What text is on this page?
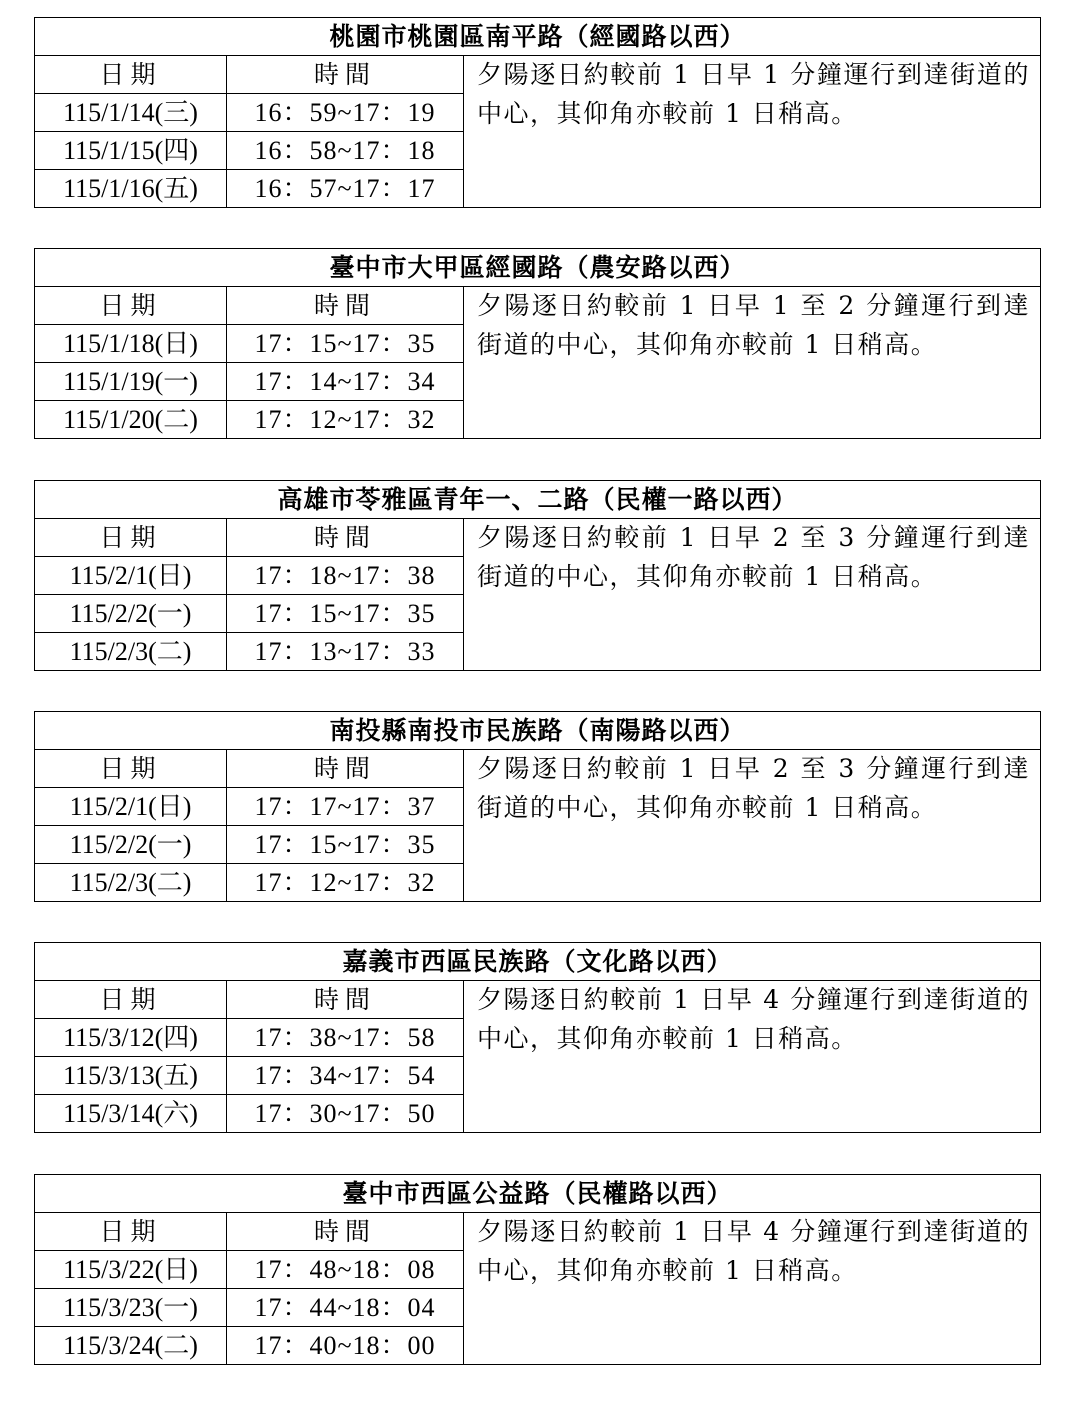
桃園市桃園區南平路（經國路以西）		
日期	時間	夕陽逐日約較前 1 日早 1 分鐘運行到達街道的中心，其仰角亦較前 1 日稍高。
115/1/14(三)	16：59~17：19	
115/1/15(四)	16：58~17：18	
115/1/16(五)	16：57~17：17	
臺中市大甲區經國路（農安路以西）		
日期	時間	夕陽逐日約較前 1 日早 1 至 2 分鐘運行到達街道的中心，其仰角亦較前 1 日稍高。
115/1/18(日)	17：15~17：35	
115/1/19(一)	17：14~17：34	
115/1/20(二)	17：12~17：32	
高雄市苓雅區青年一、二路（民權一路以西）		
日期	時間	夕陽逐日約較前 1 日早 2 至 3 分鐘運行到達街道的中心，其仰角亦較前 1 日稍高。
115/2/1(日)	17：18~17：38	
115/2/2(一)	17：15~17：35	
115/2/3(二)	17：13~17：33	
南投縣南投市民族路（南陽路以西）		
日期	時間	夕陽逐日約較前 1 日早 2 至 3 分鐘運行到達街道的中心，其仰角亦較前 1 日稍高。
115/2/1(日)	17：17~17：37	
115/2/2(一)	17：15~17：35	
115/2/3(二)	17：12~17：32	
嘉義市西區民族路（文化路以西）		
日期	時間	夕陽逐日約較前 1 日早 4 分鐘運行到達街道的中心，其仰角亦較前 1 日稍高。
115/3/12(四)	17：38~17：58	
115/3/13(五)	17：34~17：54	
115/3/14(六)	17：30~17：50	
臺中市西區公益路（民權路以西）		
日期	時間	夕陽逐日約較前 1 日早 4 分鐘運行到達街道的中心，其仰角亦較前 1 日稍高。
115/3/22(日)	17：48~18：08	
115/3/23(一)	17：44~18：04	
115/3/24(二)	17：40~18：00	
